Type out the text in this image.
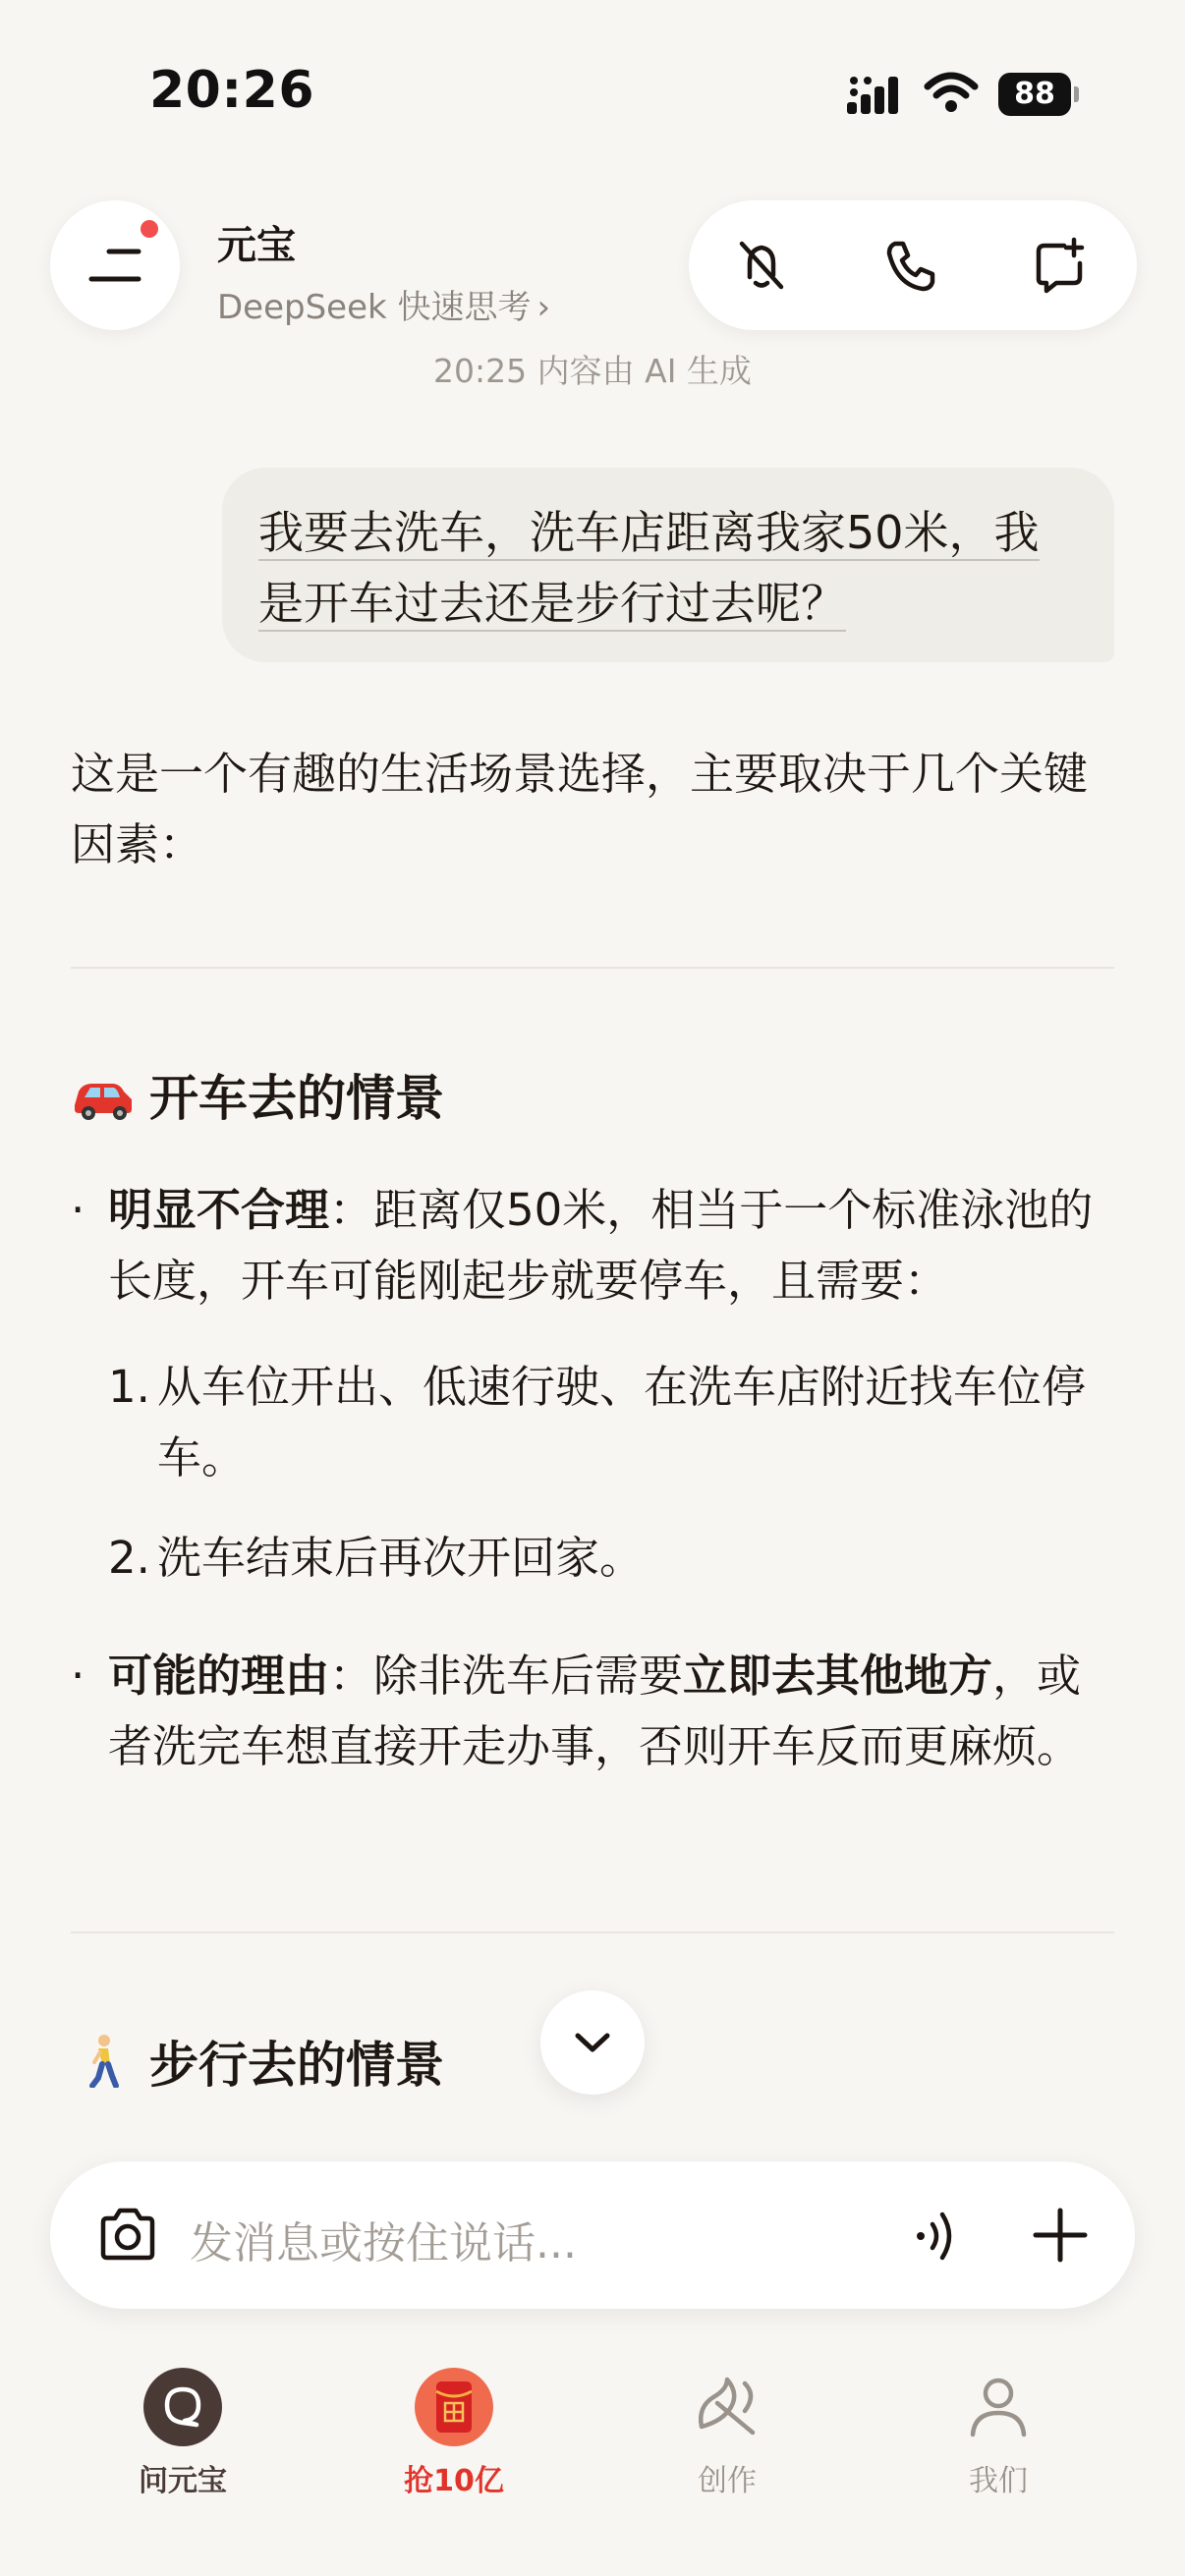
20:26	88
元宝
DeepSeek 快速思考 ›
20:25 内容由 AI 生成
我要去洗车，洗车店距离我家50米，我
是开车过去还是步行过去呢？

这是一个有趣的生活场景选择，主要取决于几个关键因素：

开车去的情景
· 明显不合理：距离仅50米，相当于一个标准泳池的长度，开车可能刚起步就要停车，且需要：
1. 从车位开出、低速行驶、在洗车店附近找车位停车。
2. 洗车结束后再次开回家。
· 可能的理由：除非洗车后需要立即去其他地方，或者洗完车想直接开走办事，否则开车反而更麻烦。
步行去的情景
发消息或按住说话...
问元宝	抢10亿	创作	我们
